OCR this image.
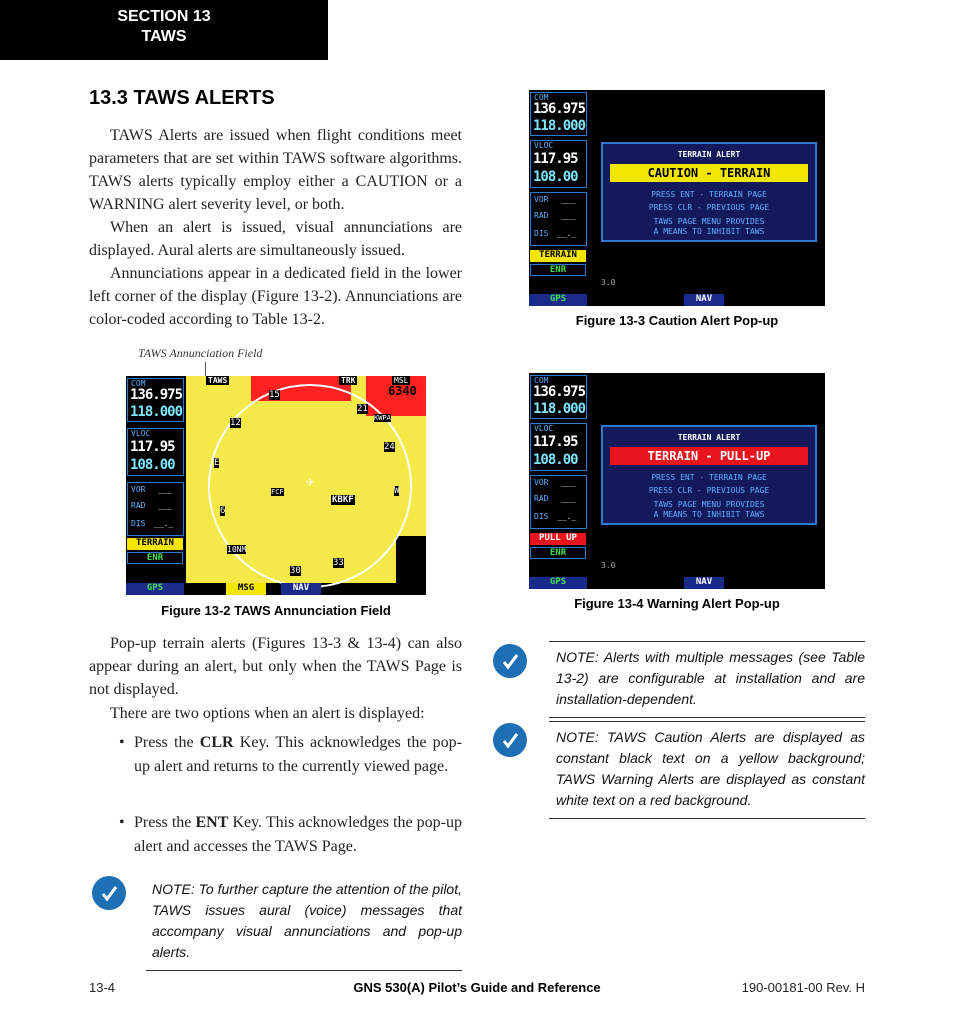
SECTION 13
TAWS
13.3 TAWS ALERTS

TAWS Alerts are issued when flight conditions meet parameters that are set within TAWS software algorithms. TAWS alerts typically employ either a CAUTION or a WARNING alert severity level, or both.

When an alert is issued, visual annunciations are displayed. Aural alerts are simultaneously issued.

Annunciations appear in a dedicated field in the lower left corner of the display (Figure 13-2). Annunciations are color-coded according to Table 13-2.

TAWS Annunciation Field
TAWS	TRK	MSL
6340
15
21
12
24
E
W
6
10NM
33
30
KBKF
FCF
KWPA
✈
COM
136.975
118.000
VLOC
117.95
108.00
VOR
RAD
DIS
___
___
__._
TERRAIN
ENR
GPS	MSG	NAV
Figure 13-2 TAWS Annunciation Field
COM
136.975
118.000
VLOC
117.95
108.00
VOR
RAD
DIS
___
___
__._
TERRAIN
ENR
TERRAIN ALERT
CAUTION - TERRAIN
PRESS ENT - TERRAIN PAGE
PRESS CLR - PREVIOUS PAGE
TAWS PAGE MENU PROVIDES
A MEANS TO INHIBIT TAWS
3.0
GPS	NAV
Figure 13-3 Caution Alert Pop-up
COM
136.975
118.000
VLOC
117.95
108.00
VOR
RAD
DIS
___
___
__._
PULL UP
ENR
TERRAIN ALERT
TERRAIN - PULL-UP
PRESS ENT - TERRAIN PAGE
PRESS CLR - PREVIOUS PAGE
TAWS PAGE MENU PROVIDES
A MEANS TO INHIBIT TAWS
3.0
GPS	NAV
Figure 13-4 Warning Alert Pop-up

Pop-up terrain alerts (Figures 13-3 & 13-4) can also appear during an alert, but only when the TAWS Page is not displayed.

There are two options when an alert is displayed:

• Press the CLR Key. This acknowledges the pop-up alert and returns to the currently viewed page.
• Press the ENT Key. This acknowledges the pop-up alert and accesses the TAWS Page.
NOTE: To further capture the attention of the pilot, TAWS issues aural (voice) messages that accompany visual annunciations and pop-up alerts.
NOTE: Alerts with multiple messages (see Table 13-2) are configurable at installation and are installation-dependent.
NOTE: TAWS Caution Alerts are displayed as constant black text on a yellow background; TAWS Warning Alerts are displayed as constant white text on a red background.
13-4	GNS 530(A) Pilot’s Guide and Reference	190-00181-00 Rev. H
